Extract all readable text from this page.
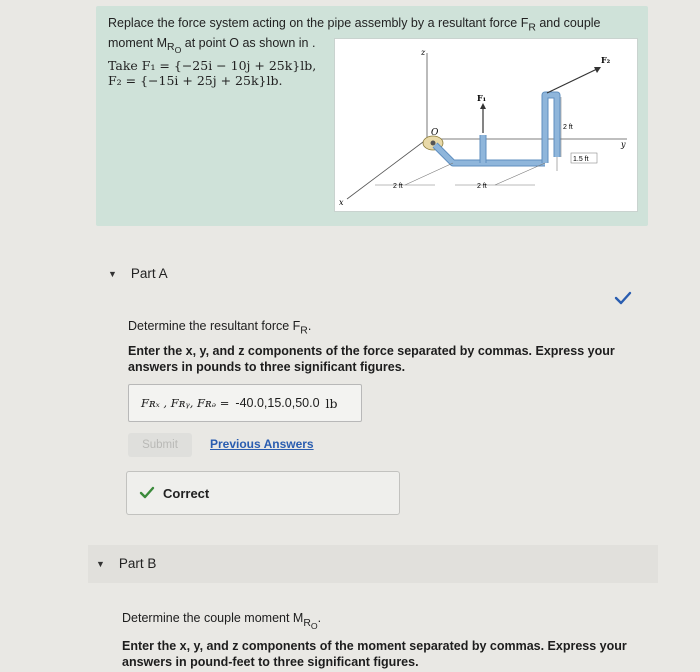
Replace the force system acting on the pipe assembly by a resultant force $F_R$ and couple
moment $M_{R_O}$ at point O as shown in .
Take F₁ = {−25i − 10j + 25k}lb,
F₂ = {−15i + 25j + 25k}lb.
z
y
x
O
F₁
F₂
2 ft
1.5 ft
2 ft	2 ft
▼ Part A
Determine the resultant force $F_R$.
Enter the x, y, and z components of the force separated by commas. Express your answers in pounds to three significant figures.
Fʀₓ , Fʀᵧ, Fʀₔ = -40.0,15.0,50.0 lb
Submit	Previous Answers
Correct
▼ Part B
Determine the couple moment $M_{R_O}$.
Enter the x, y, and z components of the moment separated by commas. Express your answers in pound-feet to three significant figures.
